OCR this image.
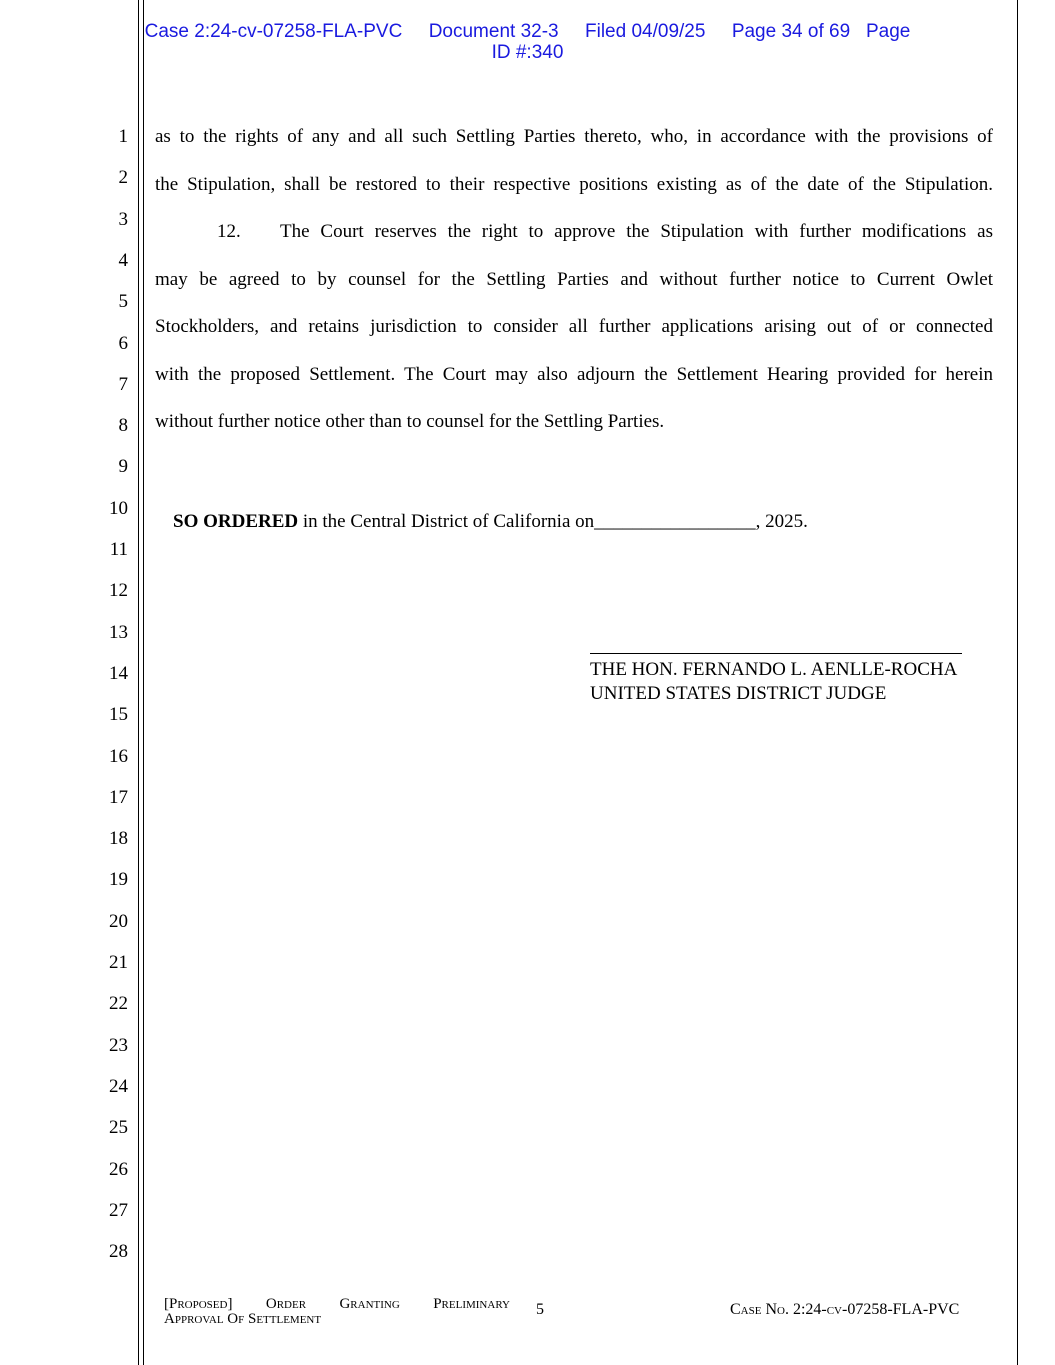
Case 2:24-cv-07258-FLA-PVC     Document 32-3     Filed 04/09/25     Page 34 of 69   Page
ID #:340
1
2
3
4
5
6
7
8
9
10
11
12
13
14
15
16
17
18
19
20
21
22
23
24
25
26
27
28
as to the rights of any and all such Settling Parties thereto, who, in accordance with the provisions of
the Stipulation, shall be restored to their respective positions existing as of the date of the Stipulation.
12. The Court reserves the right to approve the Stipulation with further modifications as
may be agreed to by counsel for the Settling Parties and without further notice to Current Owlet
Stockholders, and retains jurisdiction to consider all further applications arising out of or connected
with the proposed Settlement. The Court may also adjourn the Settlement Hearing provided for herein
without further notice other than to counsel for the Settling Parties.
SO ORDERED in the Central District of California on_________________, 2025.
THE HON. FERNANDO L. AENLLE-ROCHA
UNITED STATES DISTRICT JUDGE
[Proposed] Order Granting Preliminary
Approval Of Settlement
5	Case No. 2:24-cv-07258-FLA-PVC
